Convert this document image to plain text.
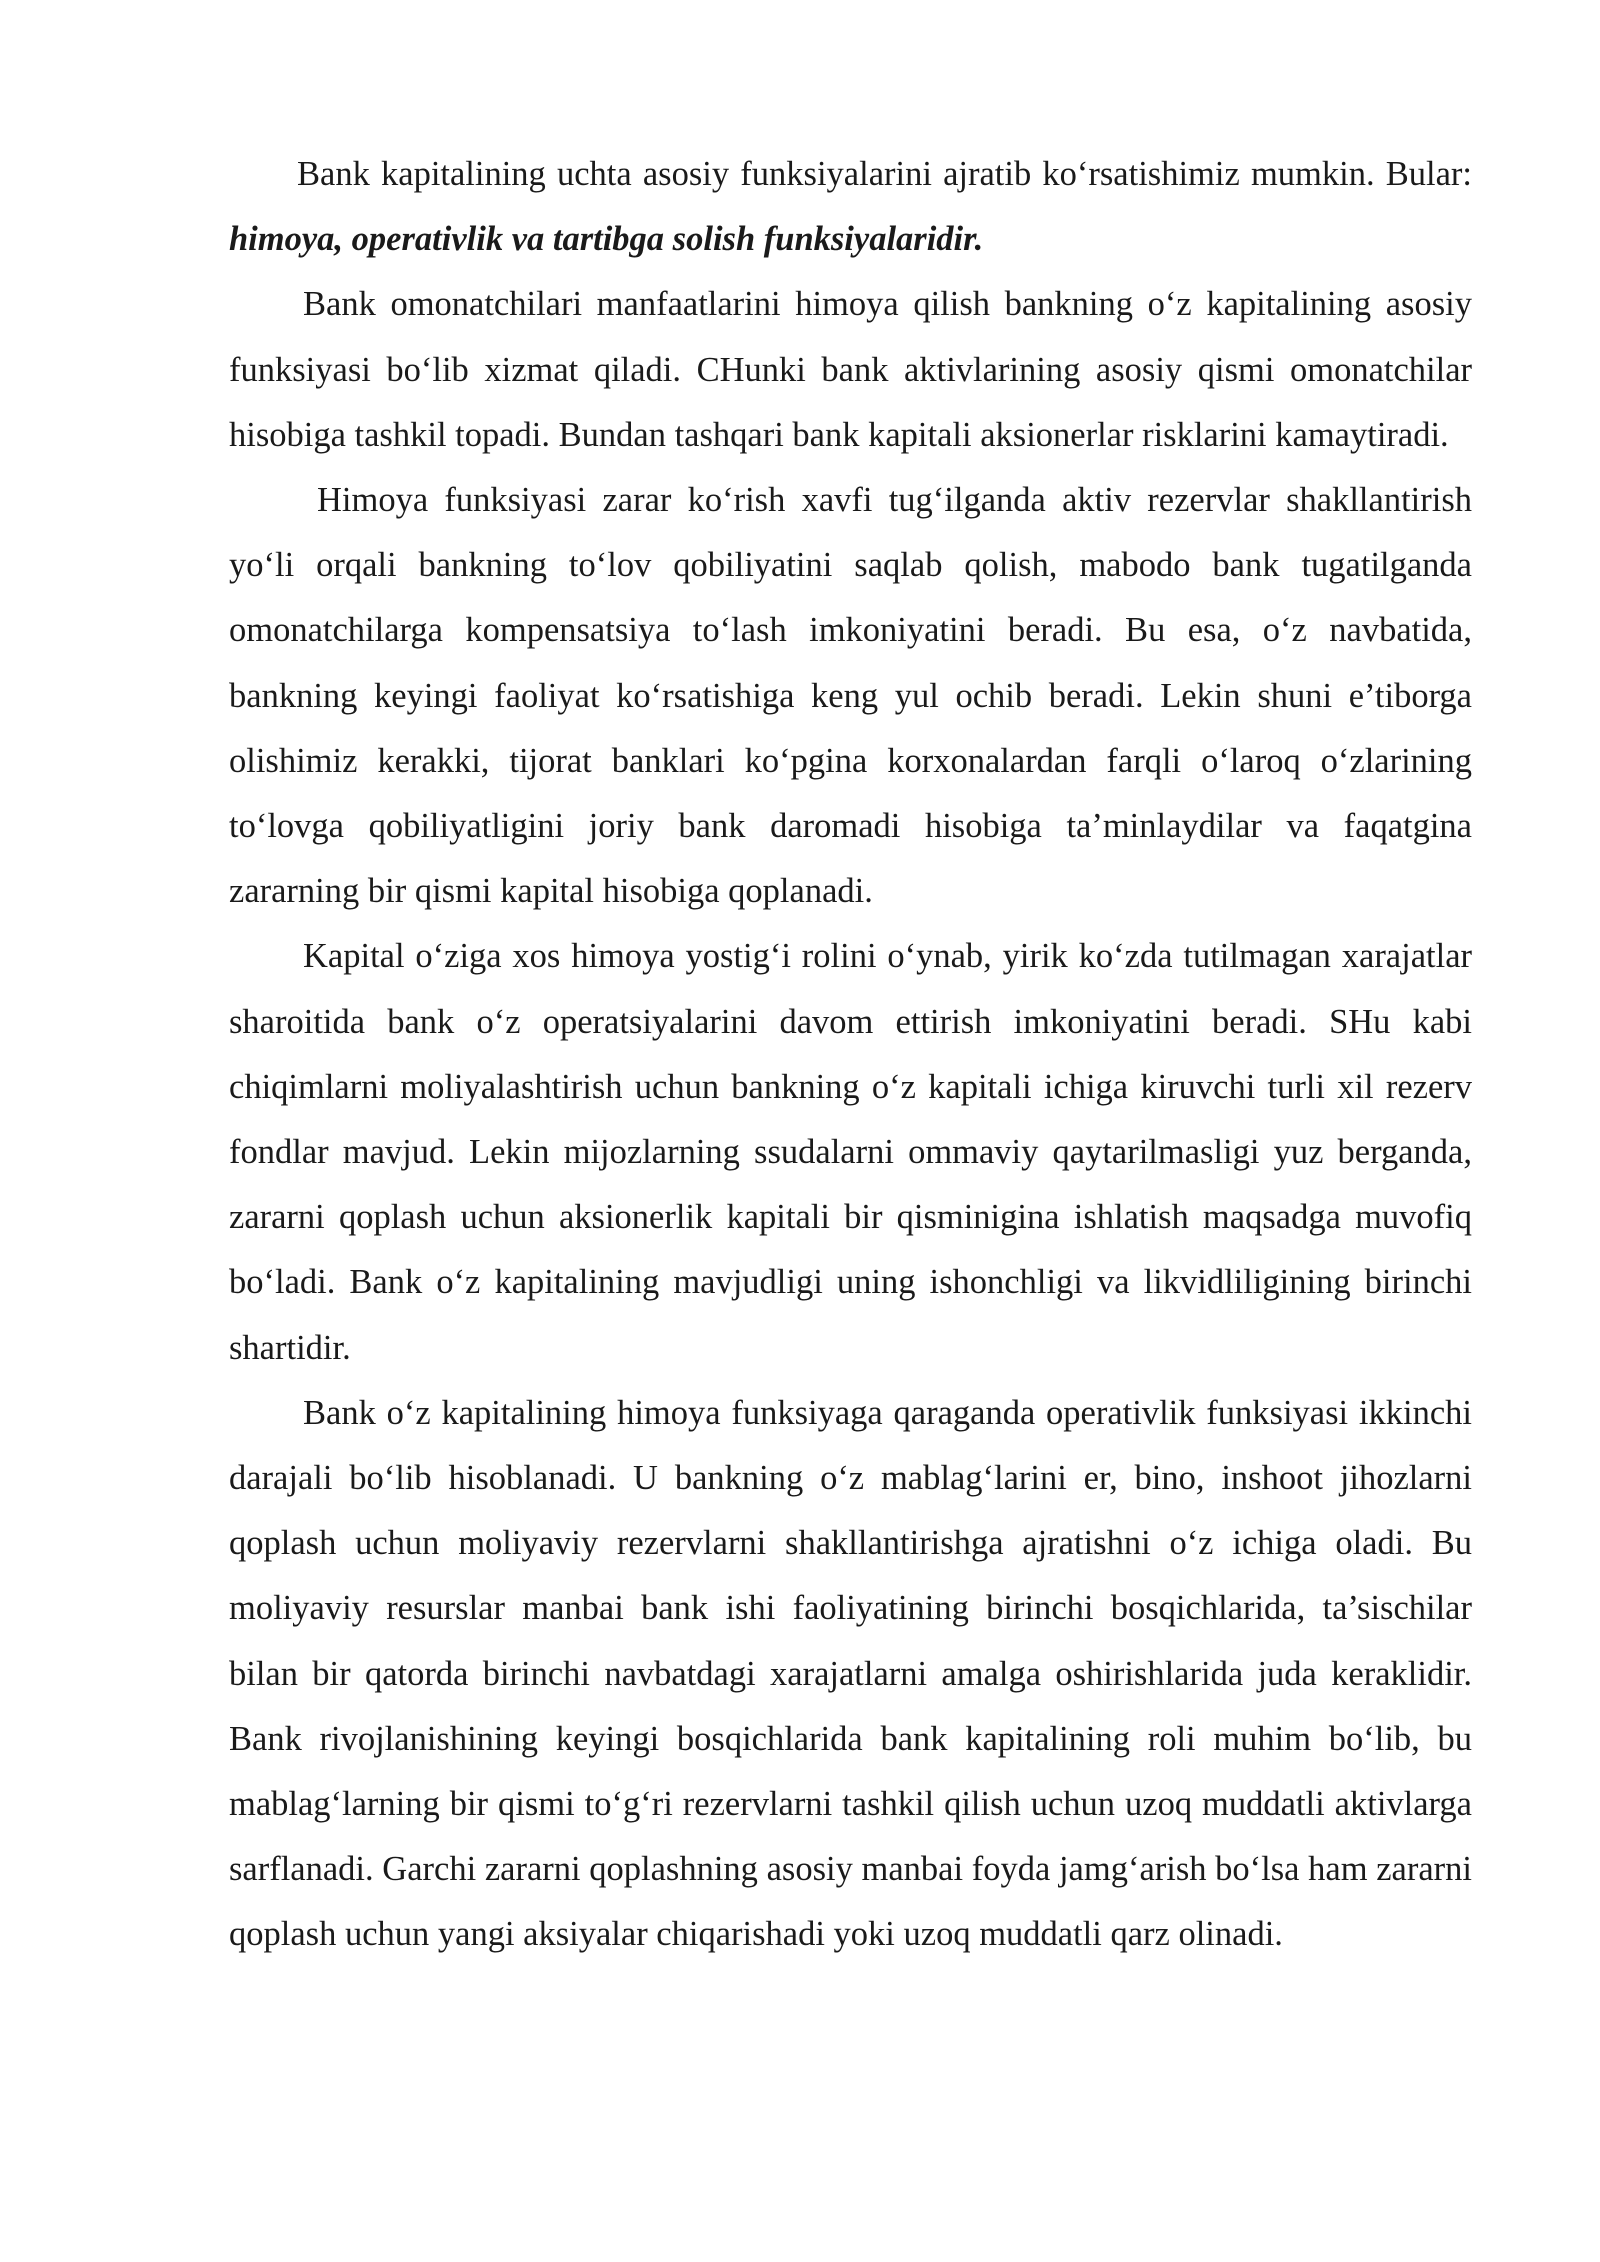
Bank kapitalining uchta asosiy funksiyalarini ajratib ko‘rsatishimiz mumkin. Bular: himoya, operativlik va tartibga solish funksiyalaridir.

Bank omonatchilari manfaatlarini himoya qilish bankning o‘z kapitalining asosiy funksiyasi bo‘lib xizmat qiladi. CHunki bank aktivlarining asosiy qismi omonatchilar hisobiga tashkil topadi. Bundan tashqari bank kapitali aksionerlar risklarini kamaytiradi.

Himoya funksiyasi zarar ko‘rish xavfi tug‘ilganda aktiv rezervlar shakllantirish yo‘li orqali bankning to‘lov qobiliyatini saqlab qolish, mabodo bank tugatilganda omonatchilarga kompensatsiya to‘lash imkoniyatini beradi. Bu esa, o‘z navbatida, bankning keyingi faoliyat ko‘rsatishiga keng yul ochib beradi. Lekin shuni e’tiborga olishimiz kerakki, tijorat banklari ko‘pgina korxonalardan farqli o‘laroq o‘zlarining to‘lovga qobiliyatligini joriy bank daromadi hisobiga ta’minlaydilar va faqatgina zararning bir qismi kapital hisobiga qoplanadi.

Kapital o‘ziga xos himoya yostig‘i rolini o‘ynab, yirik ko‘zda tutilmagan xarajatlar sharoitida bank o‘z operatsiyalarini davom ettirish imkoniyatini beradi. SHu kabi chiqimlarni moliyalashtirish uchun bankning o‘z kapitali ichiga kiruvchi turli xil rezerv fondlar mavjud. Lekin mijozlarning ssudalarni ommaviy qaytarilmasligi yuz berganda, zararni qoplash uchun aksionerlik kapitali bir qisminigina ishlatish maqsadga muvofiq bo‘ladi. Bank o‘z kapitalining mavjudligi uning ishonchligi va likvidliligining birinchi shartidir.

Bank o‘z kapitalining himoya funksiyaga qaraganda operativlik funksiyasi ikkinchi darajali bo‘lib hisoblanadi. U bankning o‘z mablag‘larini er, bino, inshoot jihozlarni qoplash uchun moliyaviy rezervlarni shakllantirishga ajratishni o‘z ichiga oladi. Bu moliyaviy resurslar manbai bank ishi faoliyatining birinchi bosqichlarida, ta’sischilar bilan bir qatorda birinchi navbatdagi xarajatlarni amalga oshirishlarida juda keraklidir. Bank rivojlanishining keyingi bosqichlarida bank kapitalining roli muhim bo‘lib, bu mablag‘larning bir qismi to‘g‘ri rezervlarni tashkil qilish uchun uzoq muddatli aktivlarga sarflanadi. Garchi zararni qoplashning asosiy manbai foyda jamg‘arish bo‘lsa ham zararni qoplash uchun yangi aksiyalar chiqarishadi yoki uzoq muddatli qarz olinadi.
